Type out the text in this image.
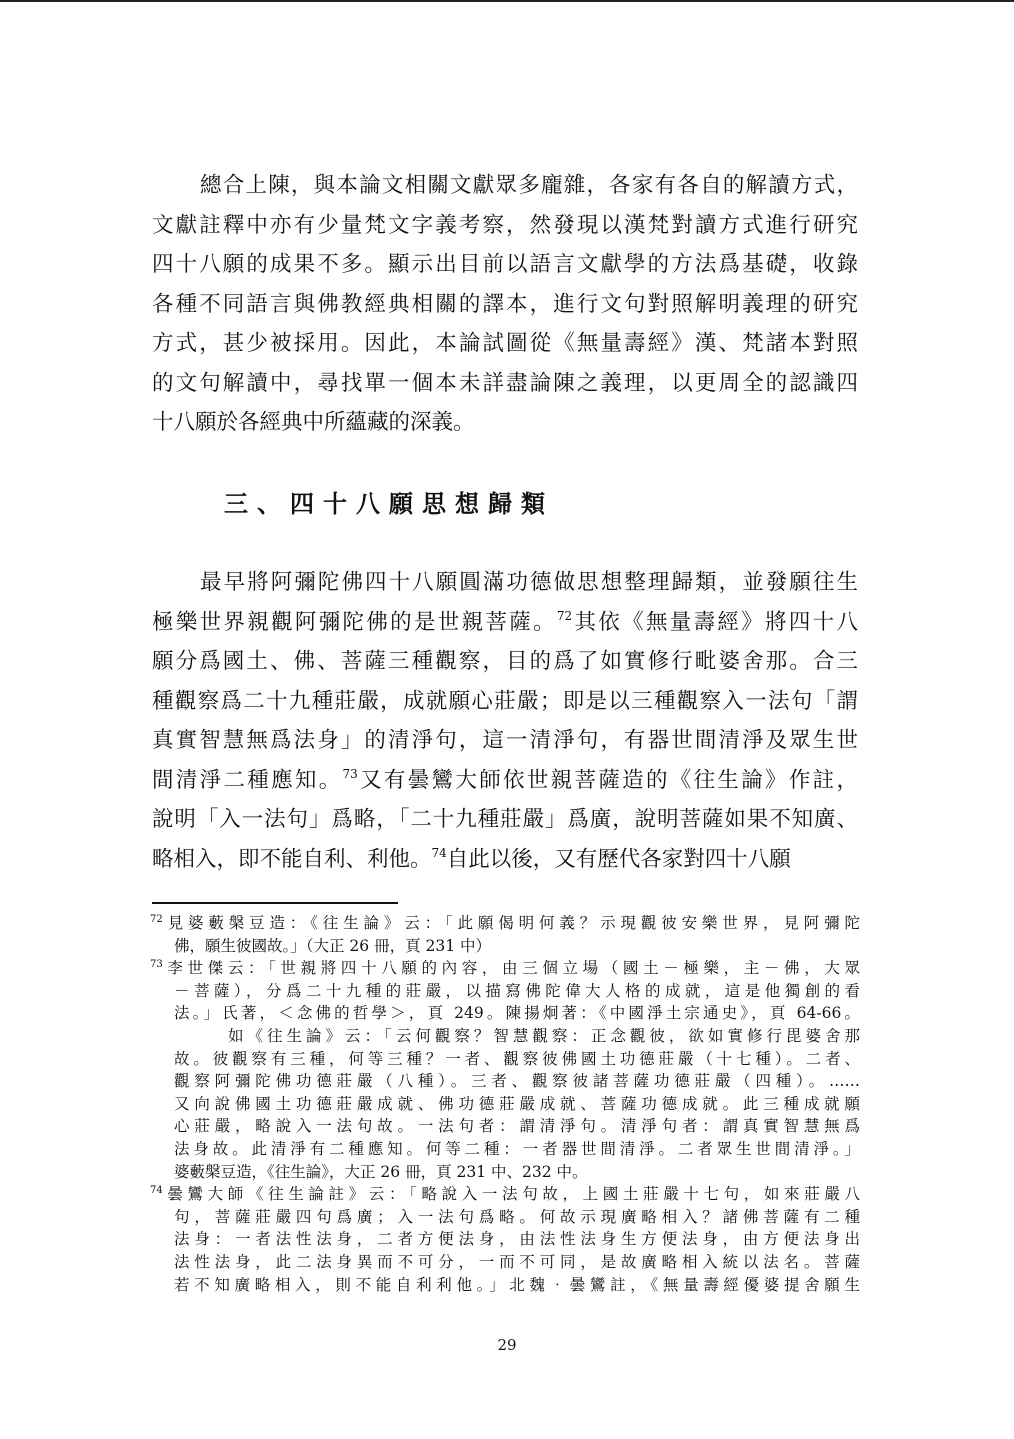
總合上陳，與本論文相關文獻眾多龐雜，各家有各自的解讀方式，
文獻註釋中亦有少量梵文字義考察，然發現以漢梵對讀方式進行研究
四十八願的成果不多。顯示出目前以語言文獻學的方法爲基礎，收錄
各種不同語言與佛教經典相關的譯本，進行文句對照解明義理的研究
方式，甚少被採用。因此，本論試圖從《無量壽經》漢、梵諸本對照
的文句解讀中，尋找單一個本未詳盡論陳之義理，以更周全的認識四
十八願於各經典中所蘊藏的深義。
三、四十八願思想歸類
最早將阿彌陀佛四十八願圓滿功德做思想整理歸類，並發願往生
極樂世界親觀阿彌陀佛的是世親菩薩。$^{72}$其依《無量壽經》將四十八
願分爲國土、佛、菩薩三種觀察，目的爲了如實修行毗婆舍那。合三
種觀察爲二十九種莊嚴，成就願心莊嚴；即是以三種觀察入一法句「謂
真實智慧無爲法身」的清淨句，這一清淨句，有器世間清淨及眾生世
間清淨二種應知。$^{73}$又有曇鸞大師依世親菩薩造的《往生論》作註，
說明「入一法句」爲略，「二十九種莊嚴」爲廣，說明菩薩如果不知廣、
略相入，即不能自利、利他。$^{74}$自此以後，又有歷代各家對四十八願
$^{72}$見婆藪槃豆造：《往生論》云：「此願偈明何義？示現觀彼安樂世界，見阿彌陀
佛，願生彼國故。」（大正 26 冊，頁 231 中）
$^{73}$李世傑云：「世親將四十八願的內容，由三個立場（國土－極樂，主－佛，大眾
－菩薩），分爲二十九種的莊嚴，以描寫佛陀偉大人格的成就，這是他獨創的看
法。」氏著，＜念佛的哲學＞，頁 249。陳揚炯著：《中國淨土宗通史》，頁 64-66。
如《往生論》云：「云何觀察？智慧觀察：正念觀彼，欲如實修行毘婆舍那
故。彼觀察有三種，何等三種？一者、觀察彼佛國土功德莊嚴（十七種）。二者、
觀察阿彌陀佛功德莊嚴（八種）。三者、觀察彼諸菩薩功德莊嚴（四種）。……
又向說佛國土功德莊嚴成就、佛功德莊嚴成就、菩薩功德成就。此三種成就願
心莊嚴，略說入一法句故。一法句者：謂清淨句。清淨句者：謂真實智慧無爲
法身故。此清淨有二種應知。何等二種：一者器世間清淨。二者眾生世間清淨。」
婆藪槃豆造，《往生論》，大正 26 冊，頁 231 中、232 中。
$^{74}$曇鸞大師《往生論註》云：「略說入一法句故，上國土莊嚴十七句，如來莊嚴八
句，菩薩莊嚴四句爲廣；入一法句爲略。何故示現廣略相入？諸佛菩薩有二種
法身：一者法性法身，二者方便法身，由法性法身生方便法身，由方便法身出
法性法身，此二法身異而不可分，一而不可同，是故廣略相入統以法名。菩薩
若不知廣略相入，則不能自利利他。」北魏‧曇鸞註，《無量壽經優婆提舍願生
29
